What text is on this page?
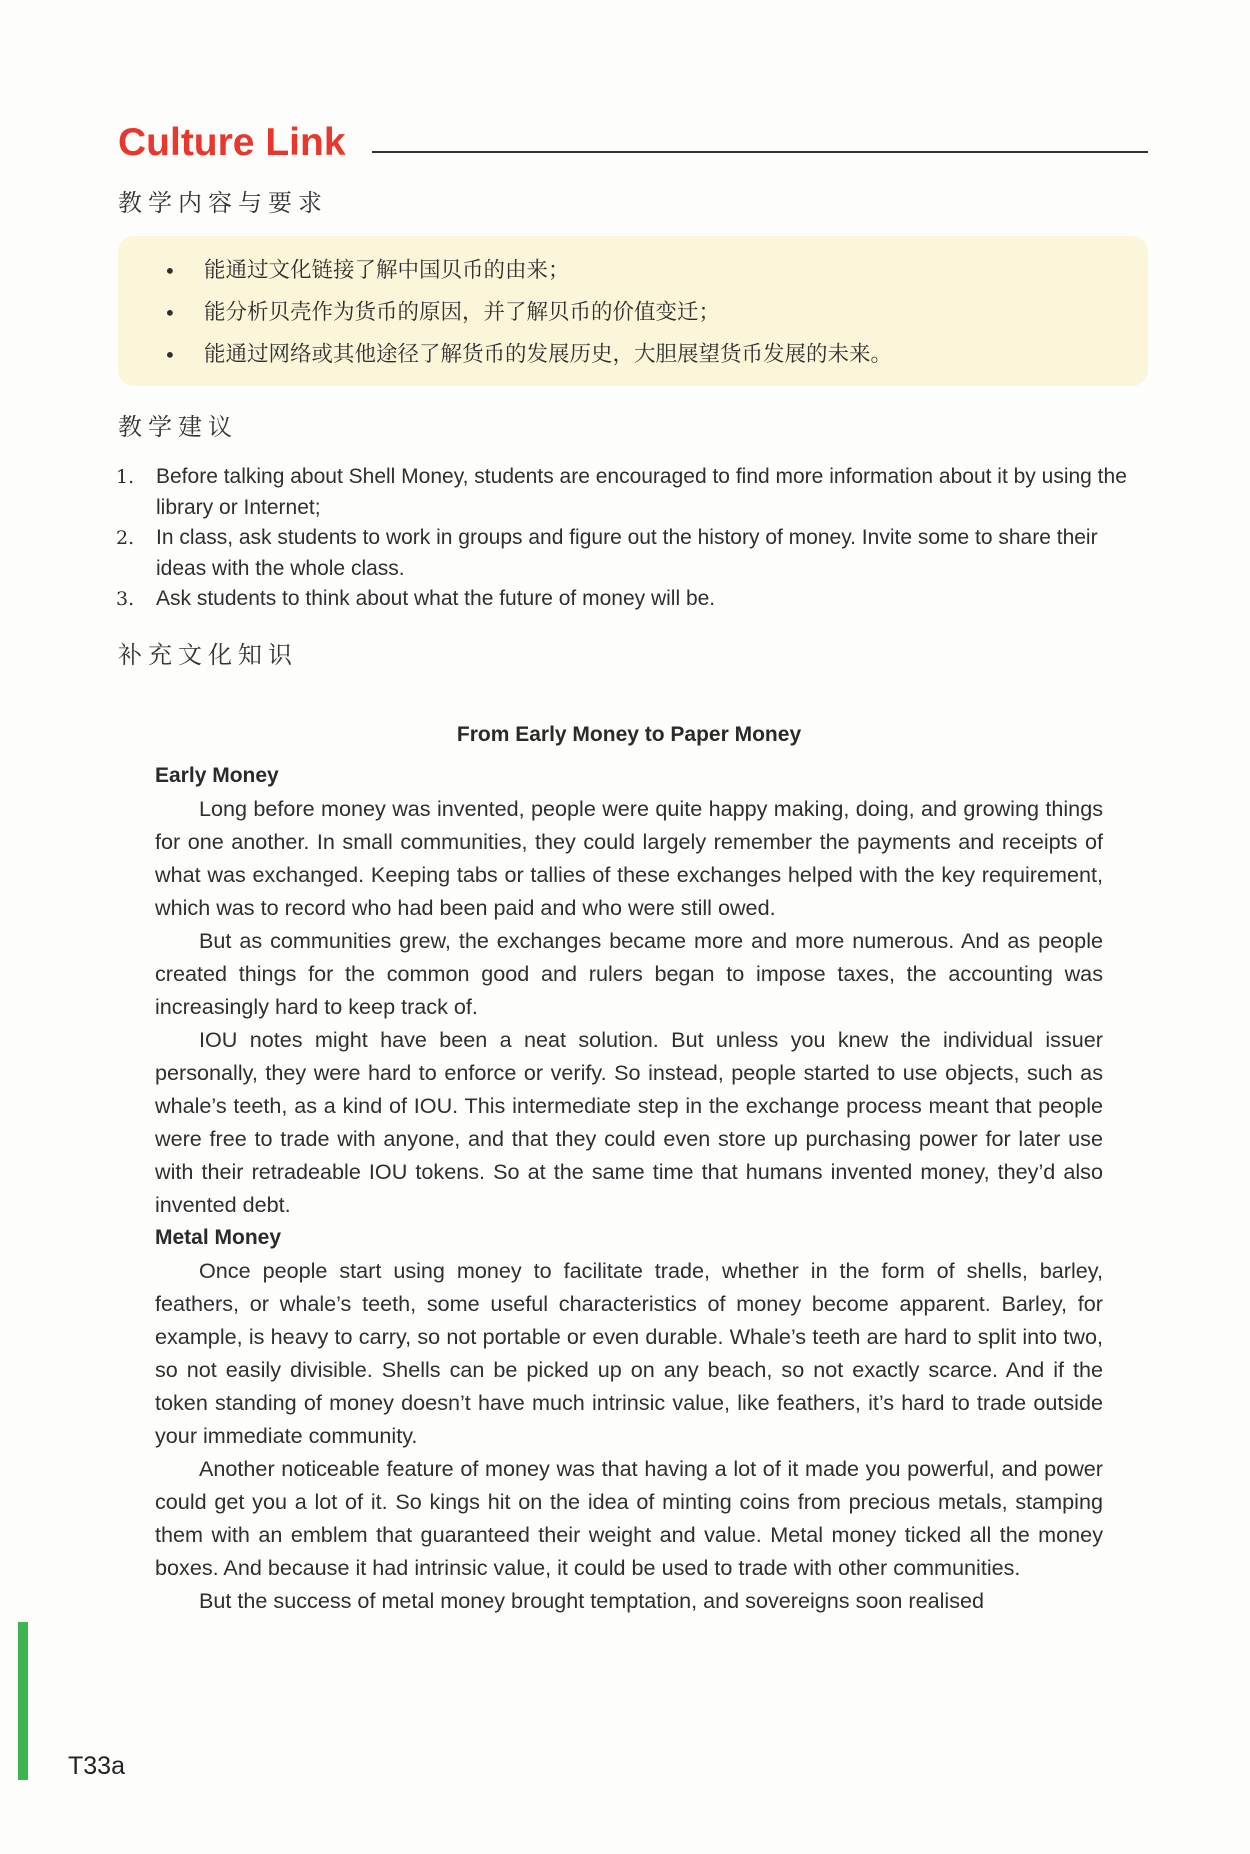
Culture Link
教学内容与要求
• 能通过文化链接了解中国贝币的由来；
• 能分析贝壳作为货币的原因，并了解贝币的价值变迁；
• 能通过网络或其他途径了解货币的发展历史，大胆展望货币发展的未来。
教学建议
1. Before talking about Shell Money, students are encouraged to find more information about it by using the library or Internet;
2. In class, ask students to work in groups and figure out the history of money. Invite some to share their ideas with the whole class.
3. Ask students to think about what the future of money will be.
补充文化知识
From Early Money to Paper Money
Early Money

Long before money was invented, people were quite happy making, doing, and growing things for one another. In small communities, they could largely remember the payments and receipts of what was exchanged. Keeping tabs or tallies of these exchanges helped with the key requirement, which was to record who had been paid and who were still owed.

But as communities grew, the exchanges became more and more numerous. And as people created things for the common good and rulers began to impose taxes, the accounting was increasingly hard to keep track of.

IOU notes might have been a neat solution. But unless you knew the individual issuer personally, they were hard to enforce or verify. So instead, people started to use objects, such as whale’s teeth, as a kind of IOU. This intermediate step in the exchange process meant that people were free to trade with anyone, and that they could even store up purchasing power for later use with their retradeable IOU tokens. So at the same time that humans invented money, they’d also invented debt.

Metal Money

Once people start using money to facilitate trade, whether in the form of shells, barley, feathers, or whale’s teeth, some useful characteristics of money become apparent. Barley, for example, is heavy to carry, so not portable or even durable. Whale’s teeth are hard to split into two, so not easily divisible. Shells can be picked up on any beach, so not exactly scarce. And if the token standing of money doesn’t have much intrinsic value, like feathers, it’s hard to trade outside your immediate community.

Another noticeable feature of money was that having a lot of it made you powerful, and power could get you a lot of it. So kings hit on the idea of minting coins from precious metals, stamping them with an emblem that guaranteed their weight and value. Metal money ticked all the money boxes. And because it had intrinsic value, it could be used to trade with other communities.

But the success of metal money brought temptation, and sovereigns soon realised

T33a
